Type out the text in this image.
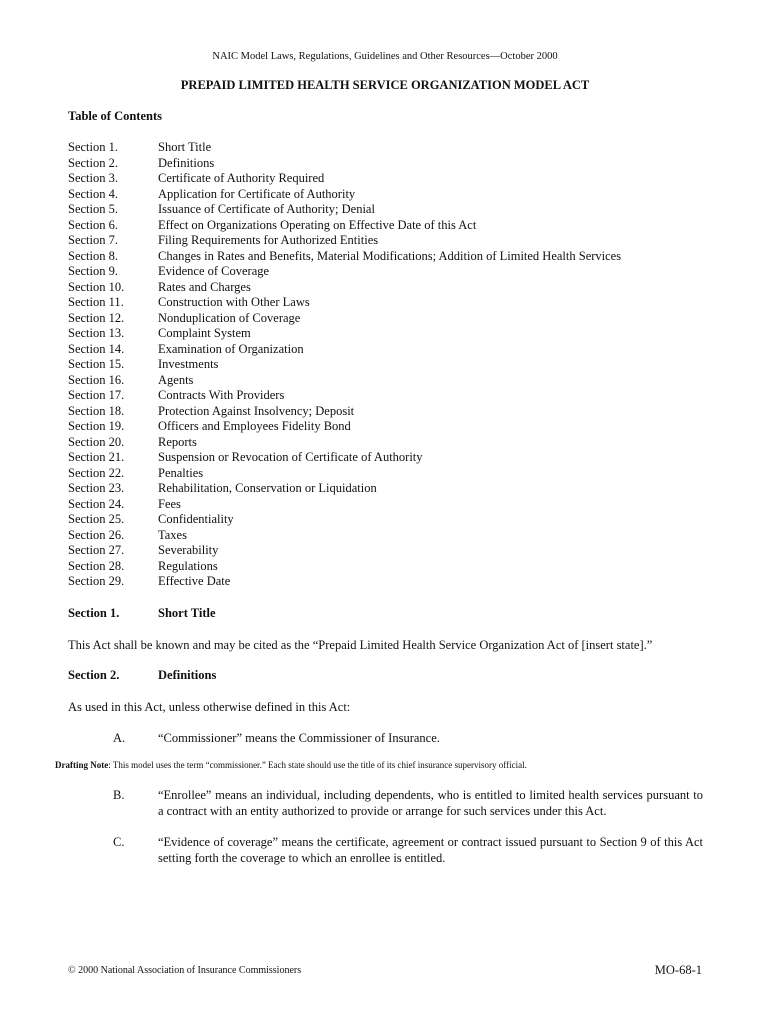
NAIC Model Laws, Regulations, Guidelines and Other Resources—October 2000
PREPAID LIMITED HEALTH SERVICE ORGANIZATION MODEL ACT
Table of Contents
Section 1.	Short Title
Section 2.	Definitions
Section 3.	Certificate of Authority Required
Section 4.	Application for Certificate of Authority
Section 5.	Issuance of Certificate of Authority; Denial
Section 6.	Effect on Organizations Operating on Effective Date of this Act
Section 7.	Filing Requirements for Authorized Entities
Section 8.	Changes in Rates and Benefits, Material Modifications; Addition of Limited Health Services
Section 9.	Evidence of Coverage
Section 10.	Rates and Charges
Section 11.	Construction with Other Laws
Section 12.	Nonduplication of Coverage
Section 13.	Complaint System
Section 14.	Examination of Organization
Section 15.	Investments
Section 16.	Agents
Section 17.	Contracts With Providers
Section 18.	Protection Against Insolvency; Deposit
Section 19.	Officers and Employees Fidelity Bond
Section 20.	Reports
Section 21.	Suspension or Revocation of Certificate of Authority
Section 22.	Penalties
Section 23.	Rehabilitation, Conservation or Liquidation
Section 24.	Fees
Section 25.	Confidentiality
Section 26.	Taxes
Section 27.	Severability
Section 28.	Regulations
Section 29.	Effective Date
Section 1.	Short Title
This Act shall be known and may be cited as the “Prepaid Limited Health Service Organization Act of [insert state].”
Section 2.	Definitions
As used in this Act, unless otherwise defined in this Act:
A.	“Commissioner” means the Commissioner of Insurance.
Drafting Note: This model uses the term “commissioner.” Each state should use the title of its chief insurance supervisory official.
B.	“Enrollee” means an individual, including dependents, who is entitled to limited health services pursuant to a contract with an entity authorized to provide or arrange for such services under this Act.
C.	“Evidence of coverage” means the certificate, agreement or contract issued pursuant to Section 9 of this Act setting forth the coverage to which an enrollee is entitled.
© 2000 National Association of Insurance Commissioners	MO-68-1
